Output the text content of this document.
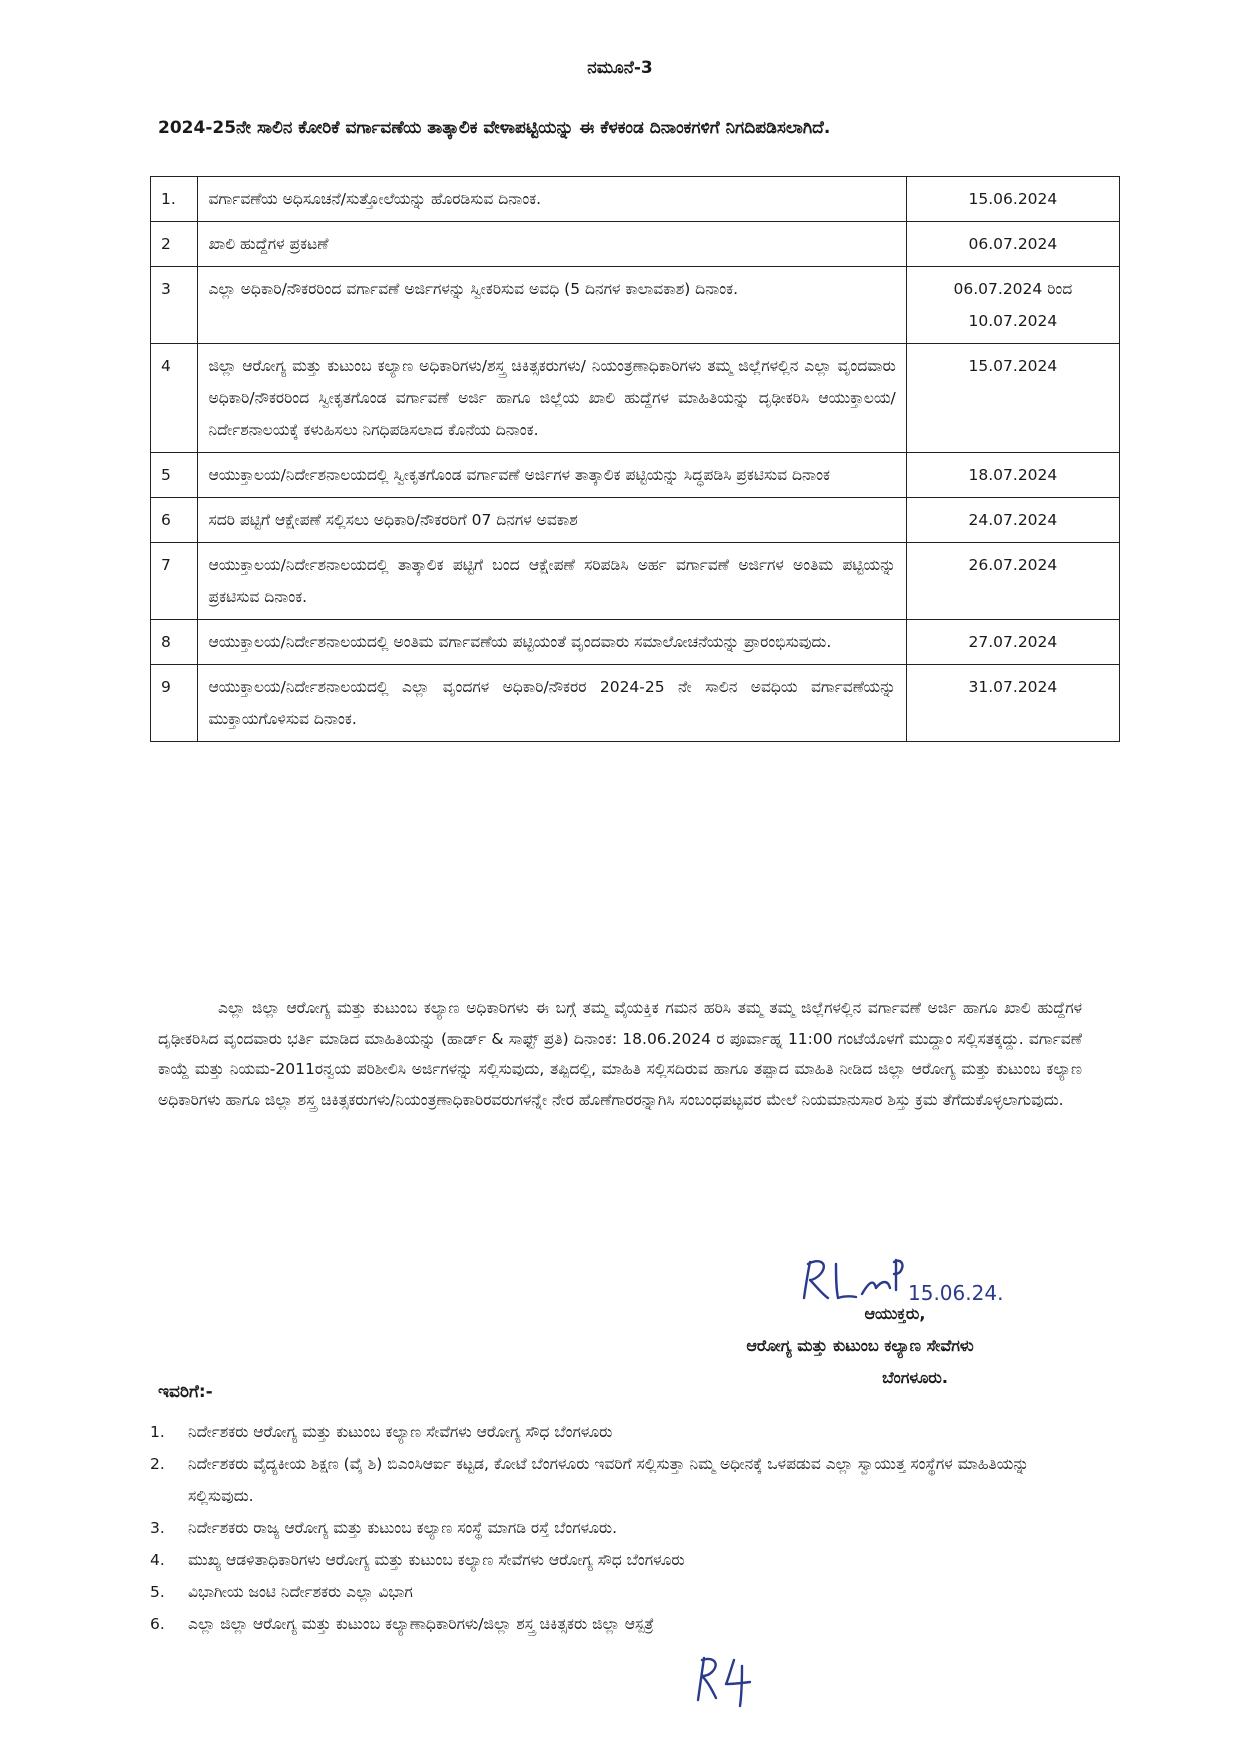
ನಮೂನೆ-3
2024-25ನೇ ಸಾಲಿನ ಕೋರಿಕೆ ವರ್ಗಾವಣೆಯ ತಾತ್ಕಾಲಿಕ ವೇಳಾಪಟ್ಟಿಯನ್ನು ಈ ಕೆಳಕಂಡ ದಿನಾಂಕಗಳಿಗೆ ನಿಗದಿಪಡಿಸಲಾಗಿದೆ.
1.	ವರ್ಗಾವಣೆಯ ಅಧಿಸೂಚನೆ/ಸುತ್ತೋಲೆಯನ್ನು ಹೊರಡಿಸುವ ದಿನಾಂಕ.	15.06.2024
2	ಖಾಲಿ ಹುದ್ದೆಗಳ ಪ್ರಕಟಣೆ	06.07.2024
3	ಎಲ್ಲಾ ಅಧಿಕಾರಿ/ನೌಕರರಿಂದ ವರ್ಗಾವಣೆ ಅರ್ಜಿಗಳನ್ನು ಸ್ವೀಕರಿಸುವ ಅವಧಿ (5 ದಿನಗಳ ಕಾಲಾವಕಾಶ) ದಿನಾಂಕ.	06.07.2024 ರಿಂದ 10.07.2024
4	ಜಿಲ್ಲಾ ಆರೋಗ್ಯ ಮತ್ತು ಕುಟುಂಬ ಕಲ್ಯಾಣ ಅಧಿಕಾರಿಗಳು/ಶಸ್ತ್ರ ಚಿಕಿತ್ಸಕರುಗಳು/ ನಿಯಂತ್ರಣಾಧಿಕಾರಿಗಳು ತಮ್ಮ ಜಿಲ್ಲೆಗಳಲ್ಲಿನ ಎಲ್ಲಾ ವೃಂದವಾರು ಅಧಿಕಾರಿ/ನೌಕರರಿಂದ ಸ್ವೀಕೃತಗೊಂಡ ವರ್ಗಾವಣೆ ಅರ್ಜಿ ಹಾಗೂ ಜಿಲ್ಲೆಯ ಖಾಲಿ ಹುದ್ದೆಗಳ ಮಾಹಿತಿಯನ್ನು ದೃಢೀಕರಿಸಿ ಆಯುಕ್ತಾಲಯ/ನಿರ್ದೇಶನಾಲಯಕ್ಕೆ ಕಳುಹಿಸಲು ನಿಗಧಿಪಡಿಸಲಾದ ಕೊನೆಯ ದಿನಾಂಕ.	15.07.2024
5	ಆಯುಕ್ತಾಲಯ/ನಿರ್ದೇಶನಾಲಯದಲ್ಲಿ ಸ್ವೀಕೃತಗೊಂಡ ವರ್ಗಾವಣೆ ಅರ್ಜಿಗಳ ತಾತ್ಕಾಲಿಕ ಪಟ್ಟಿಯನ್ನು ಸಿದ್ಧಪಡಿಸಿ ಪ್ರಕಟಿಸುವ ದಿನಾಂಕ	18.07.2024
6	ಸದರಿ ಪಟ್ಟಿಗೆ ಆಕ್ಷೇಪಣೆ ಸಲ್ಲಿಸಲು ಅಧಿಕಾರಿ/ನೌಕರರಿಗೆ 07 ದಿನಗಳ ಅವಕಾಶ	24.07.2024
7	ಆಯುಕ್ತಾಲಯ/ನಿರ್ದೇಶನಾಲಯದಲ್ಲಿ ತಾತ್ಕಾಲಿಕ ಪಟ್ಟಿಗೆ ಬಂದ ಆಕ್ಷೇಪಣೆ ಸರಿಪಡಿಸಿ ಅರ್ಹ ವರ್ಗಾವಣೆ ಅರ್ಜಿಗಳ ಅಂತಿಮ ಪಟ್ಟಿಯನ್ನು ಪ್ರಕಟಿಸುವ ದಿನಾಂಕ.	26.07.2024
8	ಆಯುಕ್ತಾಲಯ/ನಿರ್ದೇಶನಾಲಯದಲ್ಲಿ ಅಂತಿಮ ವರ್ಗಾವಣೆಯ ಪಟ್ಟಿಯಂತೆ ವೃಂದವಾರು ಸಮಾಲೋಚನೆಯನ್ನು ಪ್ರಾರಂಭಿಸುವುದು.	27.07.2024
9	ಆಯುಕ್ತಾಲಯ/ನಿರ್ದೇಶನಾಲಯದಲ್ಲಿ ಎಲ್ಲಾ ವೃಂದಗಳ ಅಧಿಕಾರಿ/ನೌಕರರ 2024-25 ನೇ ಸಾಲಿನ ಅವಧಿಯ ವರ್ಗಾವಣೆಯನ್ನು ಮುಕ್ತಾಯಗೊಳಿಸುವ ದಿನಾಂಕ.	31.07.2024
ಎಲ್ಲಾ ಜಿಲ್ಲಾ ಆರೋಗ್ಯ ಮತ್ತು ಕುಟುಂಬ ಕಲ್ಯಾಣ ಅಧಿಕಾರಿಗಳು ಈ ಬಗ್ಗೆ ತಮ್ಮ ವೈಯಕ್ತಿಕ ಗಮನ ಹರಿಸಿ ತಮ್ಮ ತಮ್ಮ ಜಿಲ್ಲೆಗಳಲ್ಲಿನ ವರ್ಗಾವಣೆ ಅರ್ಜಿ ಹಾಗೂ ಖಾಲಿ ಹುದ್ದೆಗಳ ದೃಢೀಕರಿಸಿದ ವೃಂದವಾರು ಭರ್ತಿ ಮಾಡಿದ ಮಾಹಿತಿಯನ್ನು (ಹಾರ್ಡ್ & ಸಾಫ್ಟ್ ಪ್ರತಿ) ದಿನಾಂಕ: 18.06.2024 ರ ಪೂರ್ವಾಹ್ನ 11:00 ಗಂಟೆಯೊಳಗೆ ಮುದ್ದಾಂ ಸಲ್ಲಿಸತಕ್ಕದ್ದು. ವರ್ಗಾವಣೆ ಕಾಯ್ದೆ ಮತ್ತು ನಿಯಮ-2011ರನ್ವಯ ಪರಿಶೀಲಿಸಿ ಅರ್ಜಿಗಳನ್ನು ಸಲ್ಲಿಸುವುದು, ತಪ್ಪಿದಲ್ಲಿ, ಮಾಹಿತಿ ಸಲ್ಲಿಸದಿರುವ ಹಾಗೂ ತಪ್ಪಾದ ಮಾಹಿತಿ ನೀಡಿದ ಜಿಲ್ಲಾ ಆರೋಗ್ಯ ಮತ್ತು ಕುಟುಂಬ ಕಲ್ಯಾಣ ಅಧಿಕಾರಿಗಳು ಹಾಗೂ ಜಿಲ್ಲಾ ಶಸ್ತ್ರ ಚಿಕಿತ್ಸಕರುಗಳು/ನಿಯಂತ್ರಣಾಧಿಕಾರಿರವರುಗಳನ್ನೇ ನೇರ ಹೊಣೆಗಾರರನ್ನಾಗಿಸಿ ಸಂಬಂಧಪಟ್ಟವರ ಮೇಲೆ ನಿಯಮಾನುಸಾರ ಶಿಸ್ತು ಕ್ರಮ ತೆಗೆದುಕೊಳ್ಳಲಾಗುವುದು.
15.06.24.
ಆಯುಕ್ತರು,
ಆರೋಗ್ಯ ಮತ್ತು ಕುಟುಂಬ ಕಲ್ಯಾಣ ಸೇವೆಗಳು
ಬೆಂಗಳೂರು.
ಇವರಿಗೆ:-
1.	ನಿರ್ದೇಶಕರು ಆರೋಗ್ಯ ಮತ್ತು ಕುಟುಂಬ ಕಲ್ಯಾಣ ಸೇವೆಗಳು ಆರೋಗ್ಯ ಸೌಧ ಬೆಂಗಳೂರು
2.	ನಿರ್ದೇಶಕರು ವೈದ್ಯಕೀಯ ಶಿಕ್ಷಣ (ವೈ ಶಿ) ಬಿಎಂಸಿಆರ್ಐ ಕಟ್ಟಡ, ಕೋಟೆ ಬೆಂಗಳೂರು ಇವರಿಗೆ ಸಲ್ಲಿಸುತ್ತಾ ನಿಮ್ಮ ಅಧೀನಕ್ಕೆ ಒಳಪಡುವ ಎಲ್ಲಾ ಸ್ವಾಯುತ್ತ ಸಂಸ್ಥೆಗಳ ಮಾಹಿತಿಯನ್ನು ಸಲ್ಲಿಸುವುದು.
3.	ನಿರ್ದೇಶಕರು ರಾಜ್ಯ ಆರೋಗ್ಯ ಮತ್ತು ಕುಟುಂಬ ಕಲ್ಯಾಣ ಸಂಸ್ಥೆ ಮಾಗಡಿ ರಸ್ತೆ ಬೆಂಗಳೂರು.
4.	ಮುಖ್ಯ ಆಡಳಿತಾಧಿಕಾರಿಗಳು ಆರೋಗ್ಯ ಮತ್ತು ಕುಟುಂಬ ಕಲ್ಯಾಣ ಸೇವೆಗಳು ಆರೋಗ್ಯ ಸೌಧ ಬೆಂಗಳೂರು
5.	ವಿಭಾಗೀಯ ಜಂಟಿ ನಿರ್ದೇಶಕರು ಎಲ್ಲಾ ವಿಭಾಗ
6.	ಎಲ್ಲಾ ಜಿಲ್ಲಾ ಆರೋಗ್ಯ ಮತ್ತು ಕುಟುಂಬ ಕಲ್ಯಾಣಾಧಿಕಾರಿಗಳು/ಜಿಲ್ಲಾ ಶಸ್ತ್ರ ಚಿಕಿತ್ಸಕರು ಜಿಲ್ಲಾ ಆಸ್ಪತ್ರೆ
